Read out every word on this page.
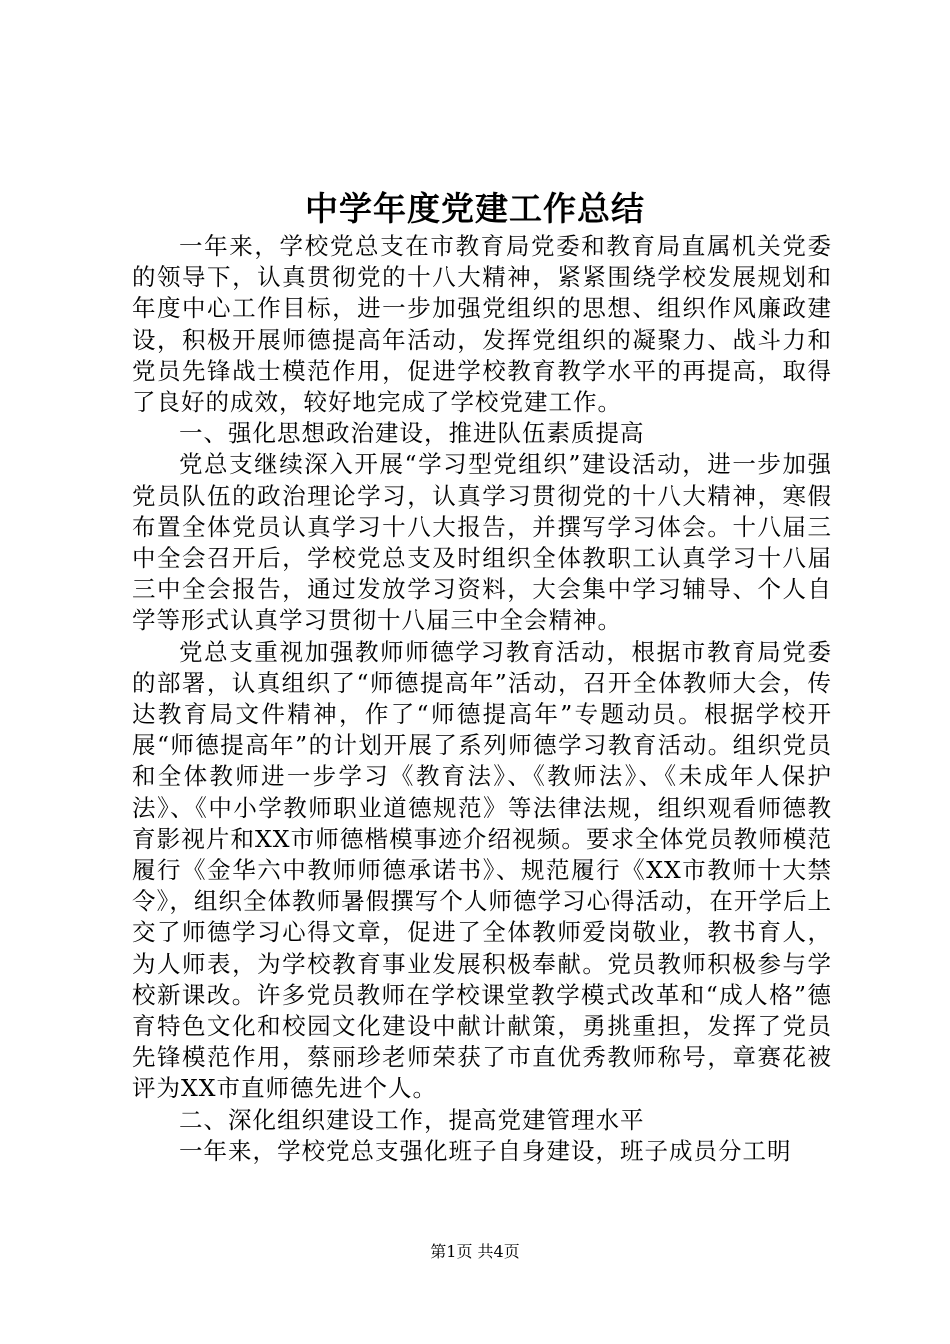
中学年度党建工作总结

一年来，学校党总支在市教育局党委和教育局直属机关党委的领导下，认真贯彻党的十八大精神，紧紧围绕学校发展规划和年度中心工作目标，进一步加强党组织的思想、组织作风廉政建设，积极开展师德提高年活动，发挥党组织的凝聚力、战斗力和党员先锋战士模范作用，促进学校教育教学水平的再提高，取得了良好的成效，较好地完成了学校党建工作。

一、强化思想政治建设，推进队伍素质提高

党总支继续深入开展“学习型党组织”建设活动，进一步加强党员队伍的政治理论学习，认真学习贯彻党的十八大精神，寒假布置全体党员认真学习十八大报告，并撰写学习体会。十八届三中全会召开后，学校党总支及时组织全体教职工认真学习十八届三中全会报告，通过发放学习资料，大会集中学习辅导、个人自学等形式认真学习贯彻十八届三中全会精神。

党总支重视加强教师师德学习教育活动，根据市教育局党委的部署，认真组织了“师德提高年”活动，召开全体教师大会，传达教育局文件精神，作了“师德提高年”专题动员。根据学校开展“师德提高年”的计划开展了系列师德学习教育活动。组织党员和全体教师进一步学习《教育法》、《教师法》、《未成年人保护法》、《中小学教师职业道德规范》等法律法规，组织观看师德教育影视片和XX市师德楷模事迹介绍视频。要求全体党员教师模范履行《金华六中教师师德承诺书》、规范履行《XX市教师十大禁令》，组织全体教师暑假撰写个人师德学习心得活动，在开学后上交了师德学习心得文章，促进了全体教师爱岗敬业，教书育人，为人师表，为学校教育事业发展积极奉献。党员教师积极参与学校新课改。许多党员教师在学校课堂教学模式改革和“成人格”德育特色文化和校园文化建设中献计献策，勇挑重担，发挥了党员先锋模范作用，蔡丽珍老师荣获了市直优秀教师称号，章赛花被评为XX市直师德先进个人。

二、深化组织建设工作，提高党建管理水平

一年来，学校党总支强化班子自身建设，班子成员分工明

第1页 共4页
